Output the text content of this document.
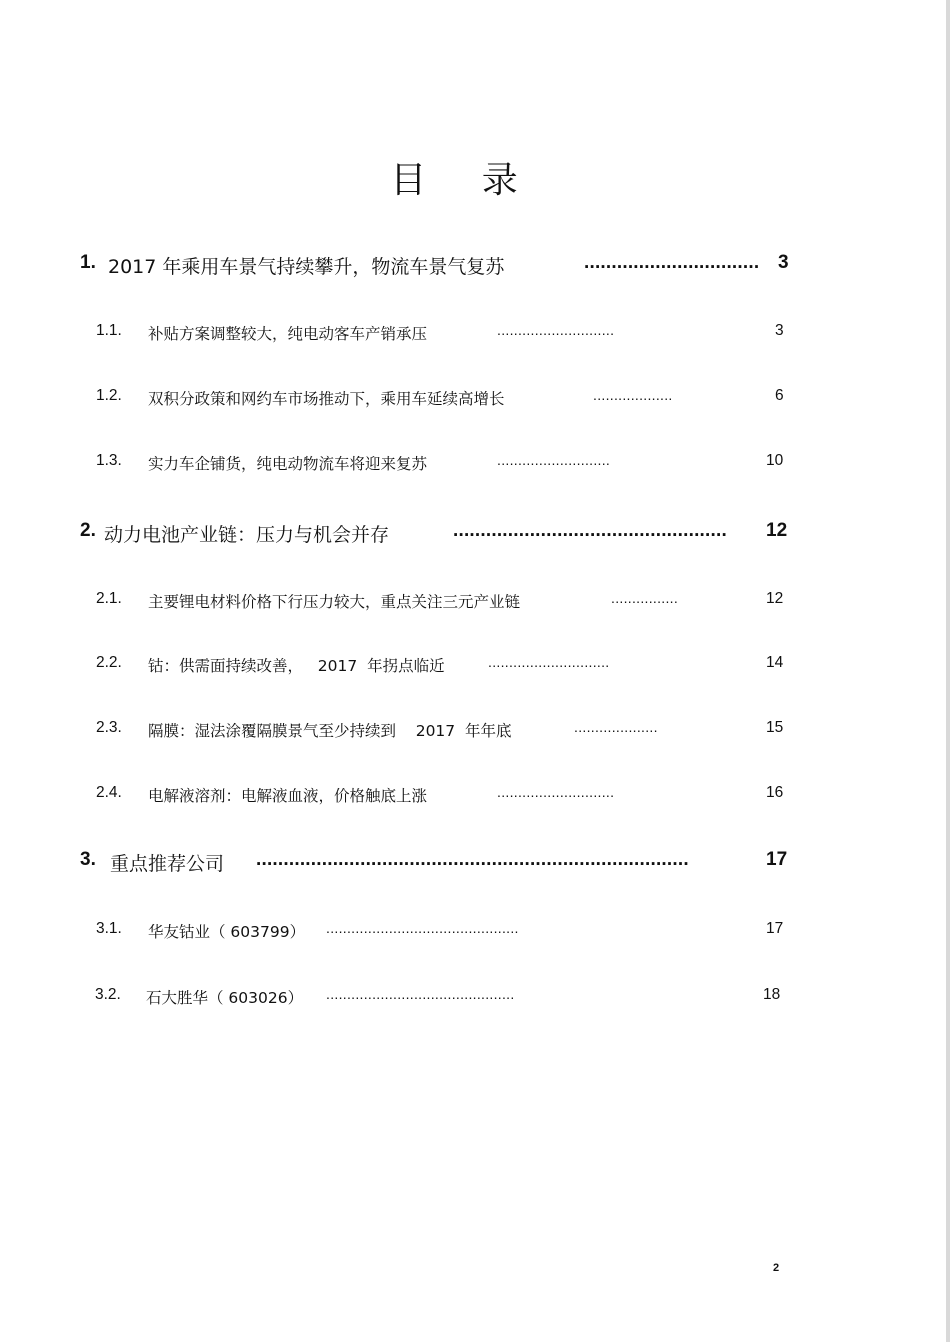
目 录
1. 2017 年乘用车景气持续攀升，物流车景气复苏	................................ 3
1.1. 补贴方案调整较大，纯电动客车产销承压	............................	3
1.2. 双积分政策和网约车市场推动下，乘用车延续高增长	...................	6
1.3. 实力车企铺货，纯电动物流车将迎来复苏	...........................	10
2. 动力电池产业链：压力与机会并存	.................................................. 12
2.1. 主要锂电材料价格下行压力较大，重点关注三元产业链	................	12
2.2. 钴：供需面持续改善，   2017  年拐点临近	.............................	14
2.3. 隔膜：湿法涂覆隔膜景气至少持续到    2017  年年底	....................	15
2.4. 电解液溶剂：电解液血液，价格触底上涨	............................	16
3. 重点推荐公司 ...............................................................................	17
3.1. 华友钴业（ 603799） ..............................................	17
3.2. 石大胜华（ 603026） .............................................	18
2
